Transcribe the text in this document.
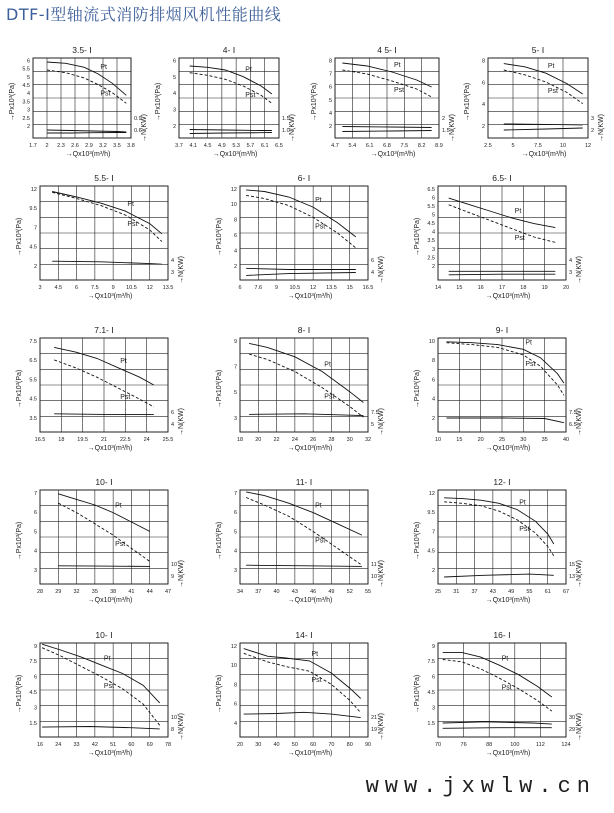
DTF-Ⅰ型轴流式消防排烟风机性能曲线
3.5- Ⅰ
1.7 2 2.3 2.6 2.9 3.2 3.5 3.8
2
2.5
3
3.5
4
4.5
5
5.5
6
0.9
0.6
→Qx10³(m³/h)
→Px10³(Pa)
→N(KW)
Pt
Pst
4- Ⅰ
3.7 4.1 4.5 4.9 5.3 5.7 6.1 6.5
2
3
4
5
6
1.5
1.0
→Qx10³(m³/h)
→Px10³(Pa)
→N(KW)
Pt
Pst
4 5- Ⅰ
4.7 5.4 6.1 6.8 7.5 8.2 8.9
2
4
5
6
7
8
2
1.5
→Qx10³(m³/h)
→Px10³(Pa)
→N(KW)
Pt
Pst
5- Ⅰ
2.5	5	7.5	10	12
2
4
6
8
3
2
→Qx10³(m³/h)
→Px10³(Pa)
→N(KW)
Pt
Pst
5.5- Ⅰ
3 4.5 6 7.5 9 10.5 12 13.5
2
4.5
7
9.5
12
4
3
→Qx10³(m³/h)
→Px10³(Pa)
→N(KW)
Pt
Pst
6- Ⅰ
6 7.6 9 10.5 12 13.5 15 16.5
2
4
6
8
10
12
6
4
→Qx10³(m³/h)
→Px10³(Pa)
→N(KW)
Pt
Pst
6.5- Ⅰ
14	15	16	17	18	19	20
2
2.5
3
3.5
4
4.5
5
5.5
6
6.5
4
3
→Qx10³(m³/h)
→Px10³(Pa)
→N(KW)
Pt
Pst
7.1- Ⅰ
16.5 18 19.5 21 22.5 24 25.5
3.5
4.5
5.5
6.5
7.5
6
4
→Qx10³(m³/h)
→Px10³(Pa)
→N(KW)
Pt
Pst
8- Ⅰ
18 20 22 24 26 28 30 32
3
5
7
9
7.5
5
→Qx10³(m³/h)
→Px10³(Pa)
→N(KW)
Pt
Pst
9- Ⅰ
10	15	20	25	30	35	40
2
4
6
8
10
7.5
6.5
→Qx10³(m³/h)
→Px10³(Pa)
→N(KW)
Pt
Pst
10- Ⅰ
28 29 32 35 38 41 44 47
3
4
5
6
7
10
9
→Qx10³(m³/h)
→Px10³(Pa)
→N(KW)
Pt
Pst
11- Ⅰ
34 37 40 43 46 49 52 55
3
4
5
6
7
11
10
→Qx10³(m³/h)
→Px10³(Pa)
→N(KW)
Pt
Pst
12- Ⅰ
25 31 37 43 49 55 61 67
2
4.5
7
9.5
12
15
13
→Qx10³(m³/h)
→Px10³(Pa)
→N(KW)
Pt
Pst
10- Ⅰ
16 24 33 42 51 60 69 78
1.5
3
4.5
6
7.5
9
10
8
→Qx10³(m³/h)
→Px10³(Pa)
→N(KW)
Pt
Pst
14- Ⅰ
20 30 40 50 60 70 80 90
4
6
8
10
12
21
19
→Qx10³(m³/h)
→Px10³(Pa)
→N(KW)
Pt
Pst
16- Ⅰ
70	76	88	100	112	124
1.5
3
4.5
6
7.5
9
30
29
→Qx10³(m³/h)
→Px10³(Pa)
→N(KW)
Pt
Pst
www.jxwlw.cn
